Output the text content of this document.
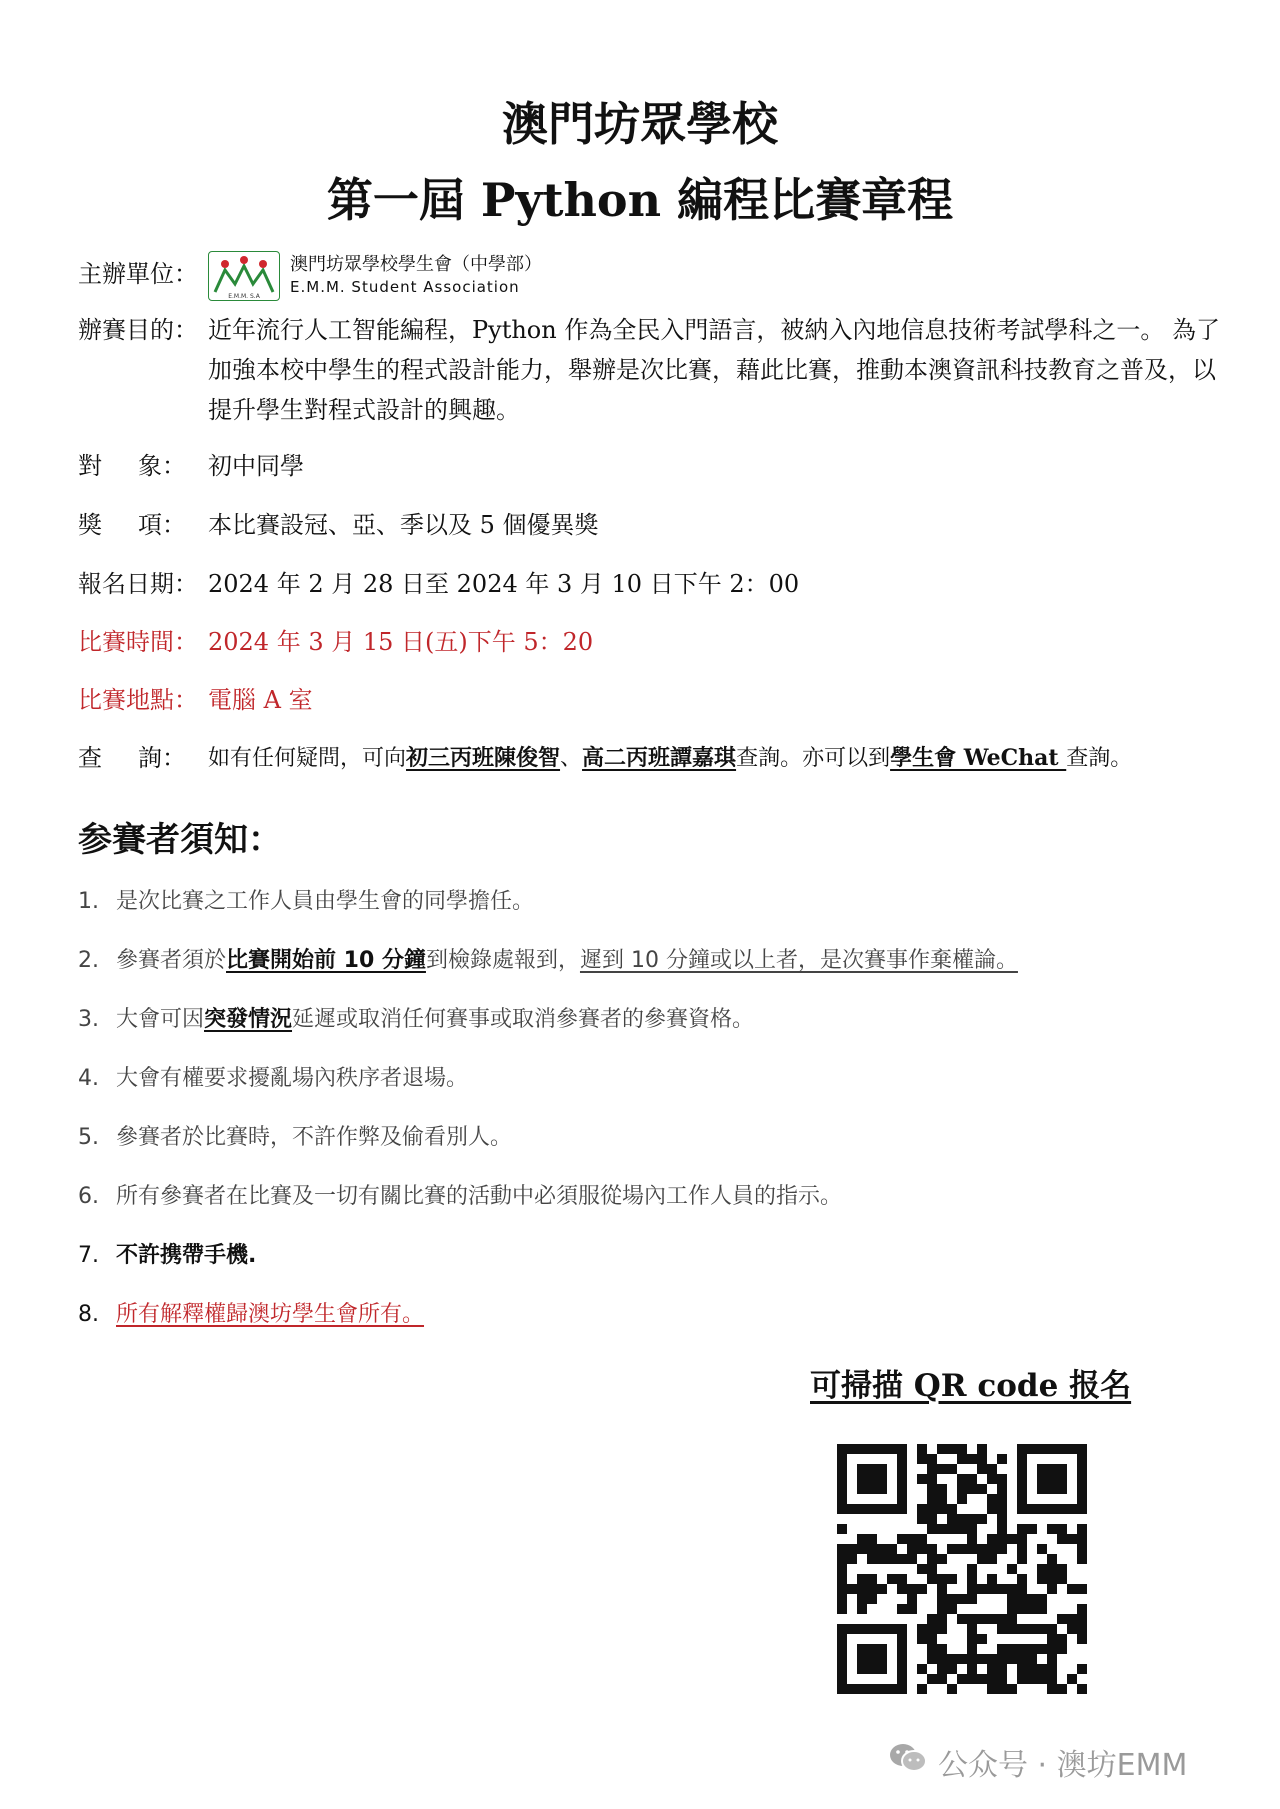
澳門坊眾學校
第一屆 Python 編程比賽章程
主辦單位：
E.M.M. S.A
澳門坊眾學校學生會（中學部）
E.M.M. Student Association
辦賽目的： 近年流行人工智能編程，Python 作為全民入門語言，被納入內地信息技術考試學科之一。 為了加強本校中學生的程式設計能力，舉辦是次比賽，藉此比賽，推動本澳資訊科技教育之普及，以提升學生對程式設計的興趣。
對 象： 初中同學
獎 項： 本比賽設冠、亞、季以及 5 個優異獎
報名日期： 2024 年 2 月 28 日至 2024 年 3 月 10 日下午 2：00
比賽時間： 2024 年 3 月 15 日(五)下午 5：20
比賽地點： 電腦 A 室
查 詢： 如有任何疑問，可向初三丙班陳俊智、高二丙班譚嘉琪查詢。亦可以到學生會 WeChat 查詢。
参賽者須知：
1. 是次比賽之工作人員由學生會的同學擔任。
2. 參賽者須於比賽開始前 10 分鐘到檢錄處報到，遲到 10 分鐘或以上者，是次賽事作棄權論。
3. 大會可因突發情況延遲或取消任何賽事或取消參賽者的參賽資格。
4. 大會有權要求擾亂場內秩序者退場。
5. 參賽者於比賽時，不許作弊及偷看別人。
6. 所有參賽者在比賽及一切有關比賽的活動中必須服從場內工作人員的指示。
7. 不許携帶手機.
8. 所有解釋權歸澳坊學生會所有。
可掃描 QR code 报名
公众号 · 澳坊EMM
